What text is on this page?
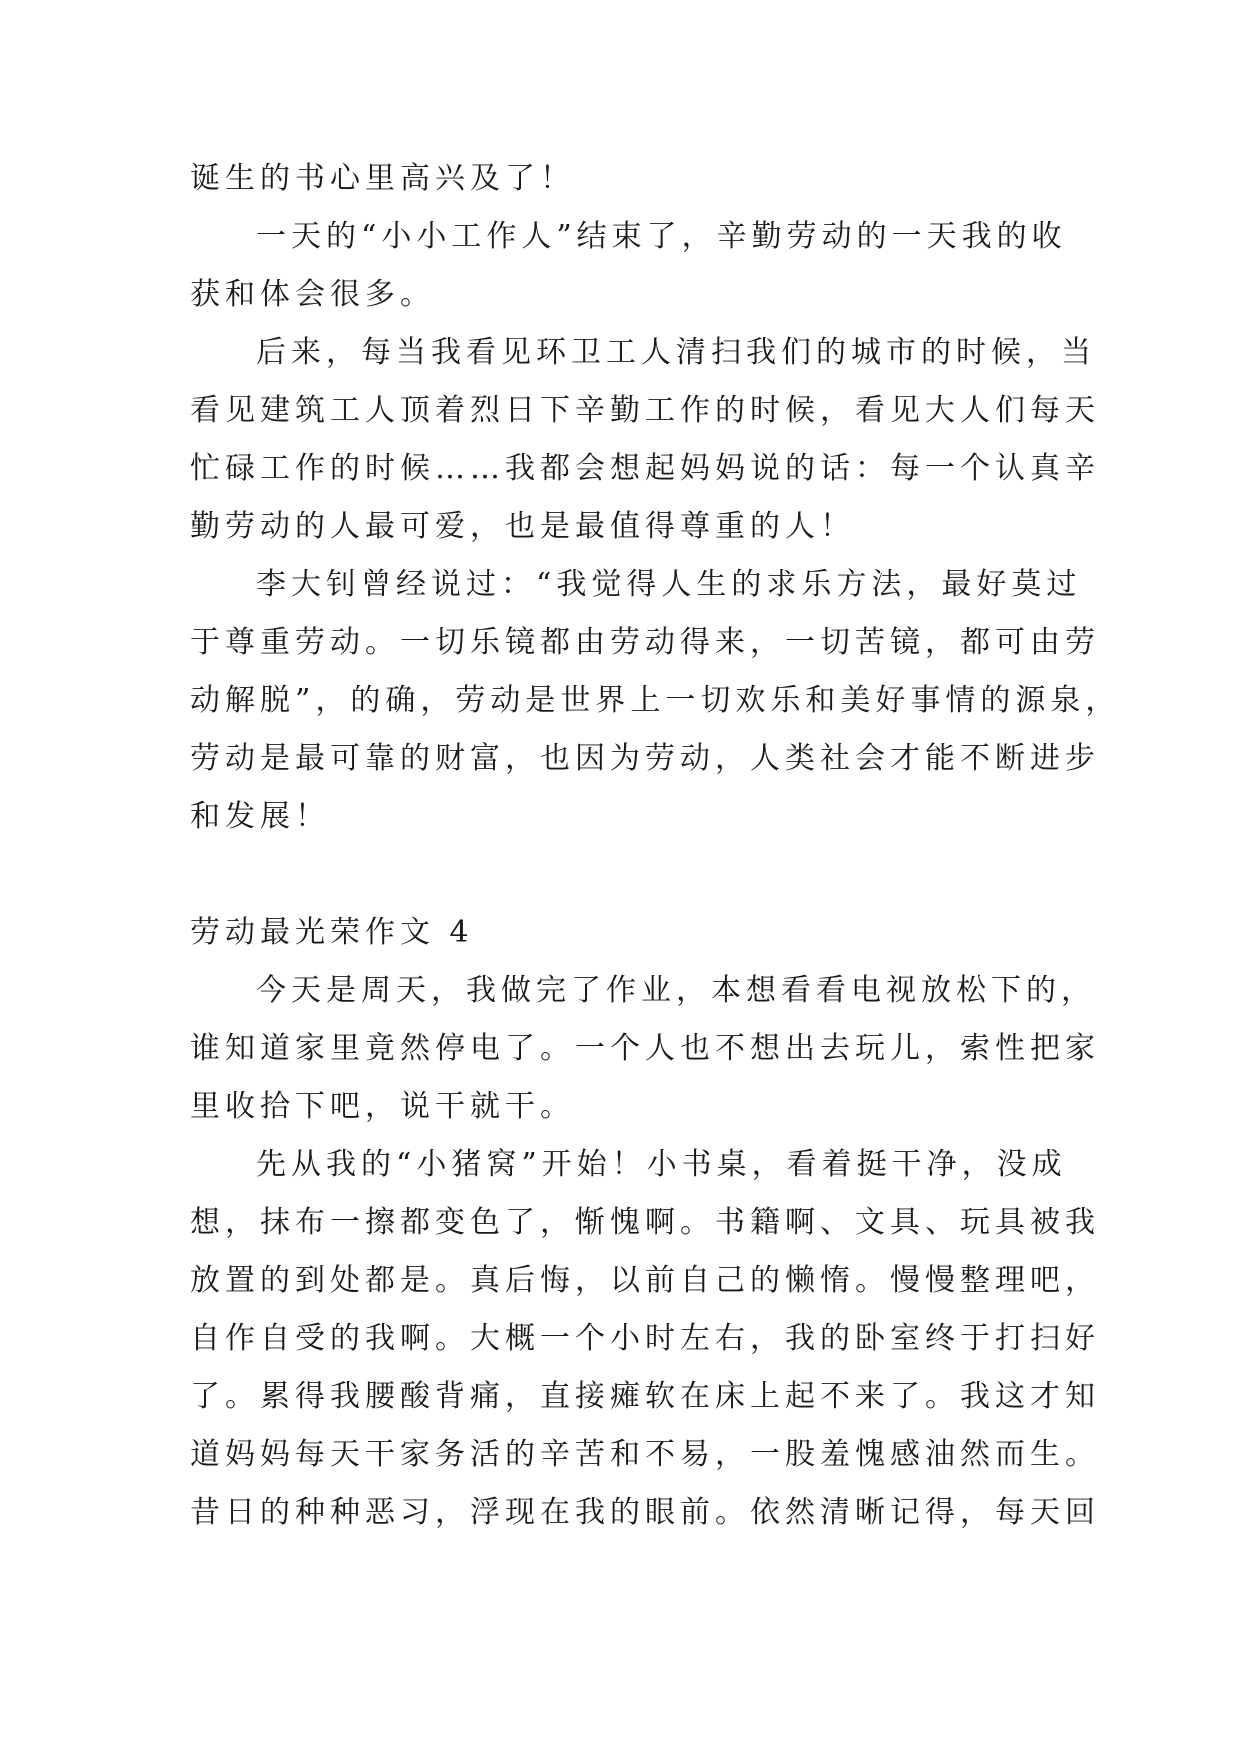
诞生的书心里高兴及了！
一天的“小小工作人”结束了，辛勤劳动的一天我的收
获和体会很多。
后来，每当我看见环卫工人清扫我们的城市的时候，当
看见建筑工人顶着烈日下辛勤工作的时候，看见大人们每天
忙碌工作的时候……我都会想起妈妈说的话：每一个认真辛
勤劳动的人最可爱，也是最值得尊重的人！
李大钊曾经说过：“我觉得人生的求乐方法，最好莫过
于尊重劳动。一切乐镜都由劳动得来，一切苦镜，都可由劳
动解脱”，的确，劳动是世界上一切欢乐和美好事情的源泉，
劳动是最可靠的财富，也因为劳动，人类社会才能不断进步
和发展！
劳动最光荣作文 4
今天是周天，我做完了作业，本想看看电视放松下的，
谁知道家里竟然停电了。一个人也不想出去玩儿，索性把家
里收拾下吧，说干就干。
先从我的“小猪窝”开始！小书桌，看着挺干净，没成
想，抹布一擦都变色了，惭愧啊。书籍啊、文具、玩具被我
放置的到处都是。真后悔，以前自己的懒惰。慢慢整理吧，
自作自受的我啊。大概一个小时左右，我的卧室终于打扫好
了。累得我腰酸背痛，直接瘫软在床上起不来了。我这才知
道妈妈每天干家务活的辛苦和不易，一股羞愧感油然而生。
昔日的种种恶习，浮现在我的眼前。依然清晰记得，每天回
